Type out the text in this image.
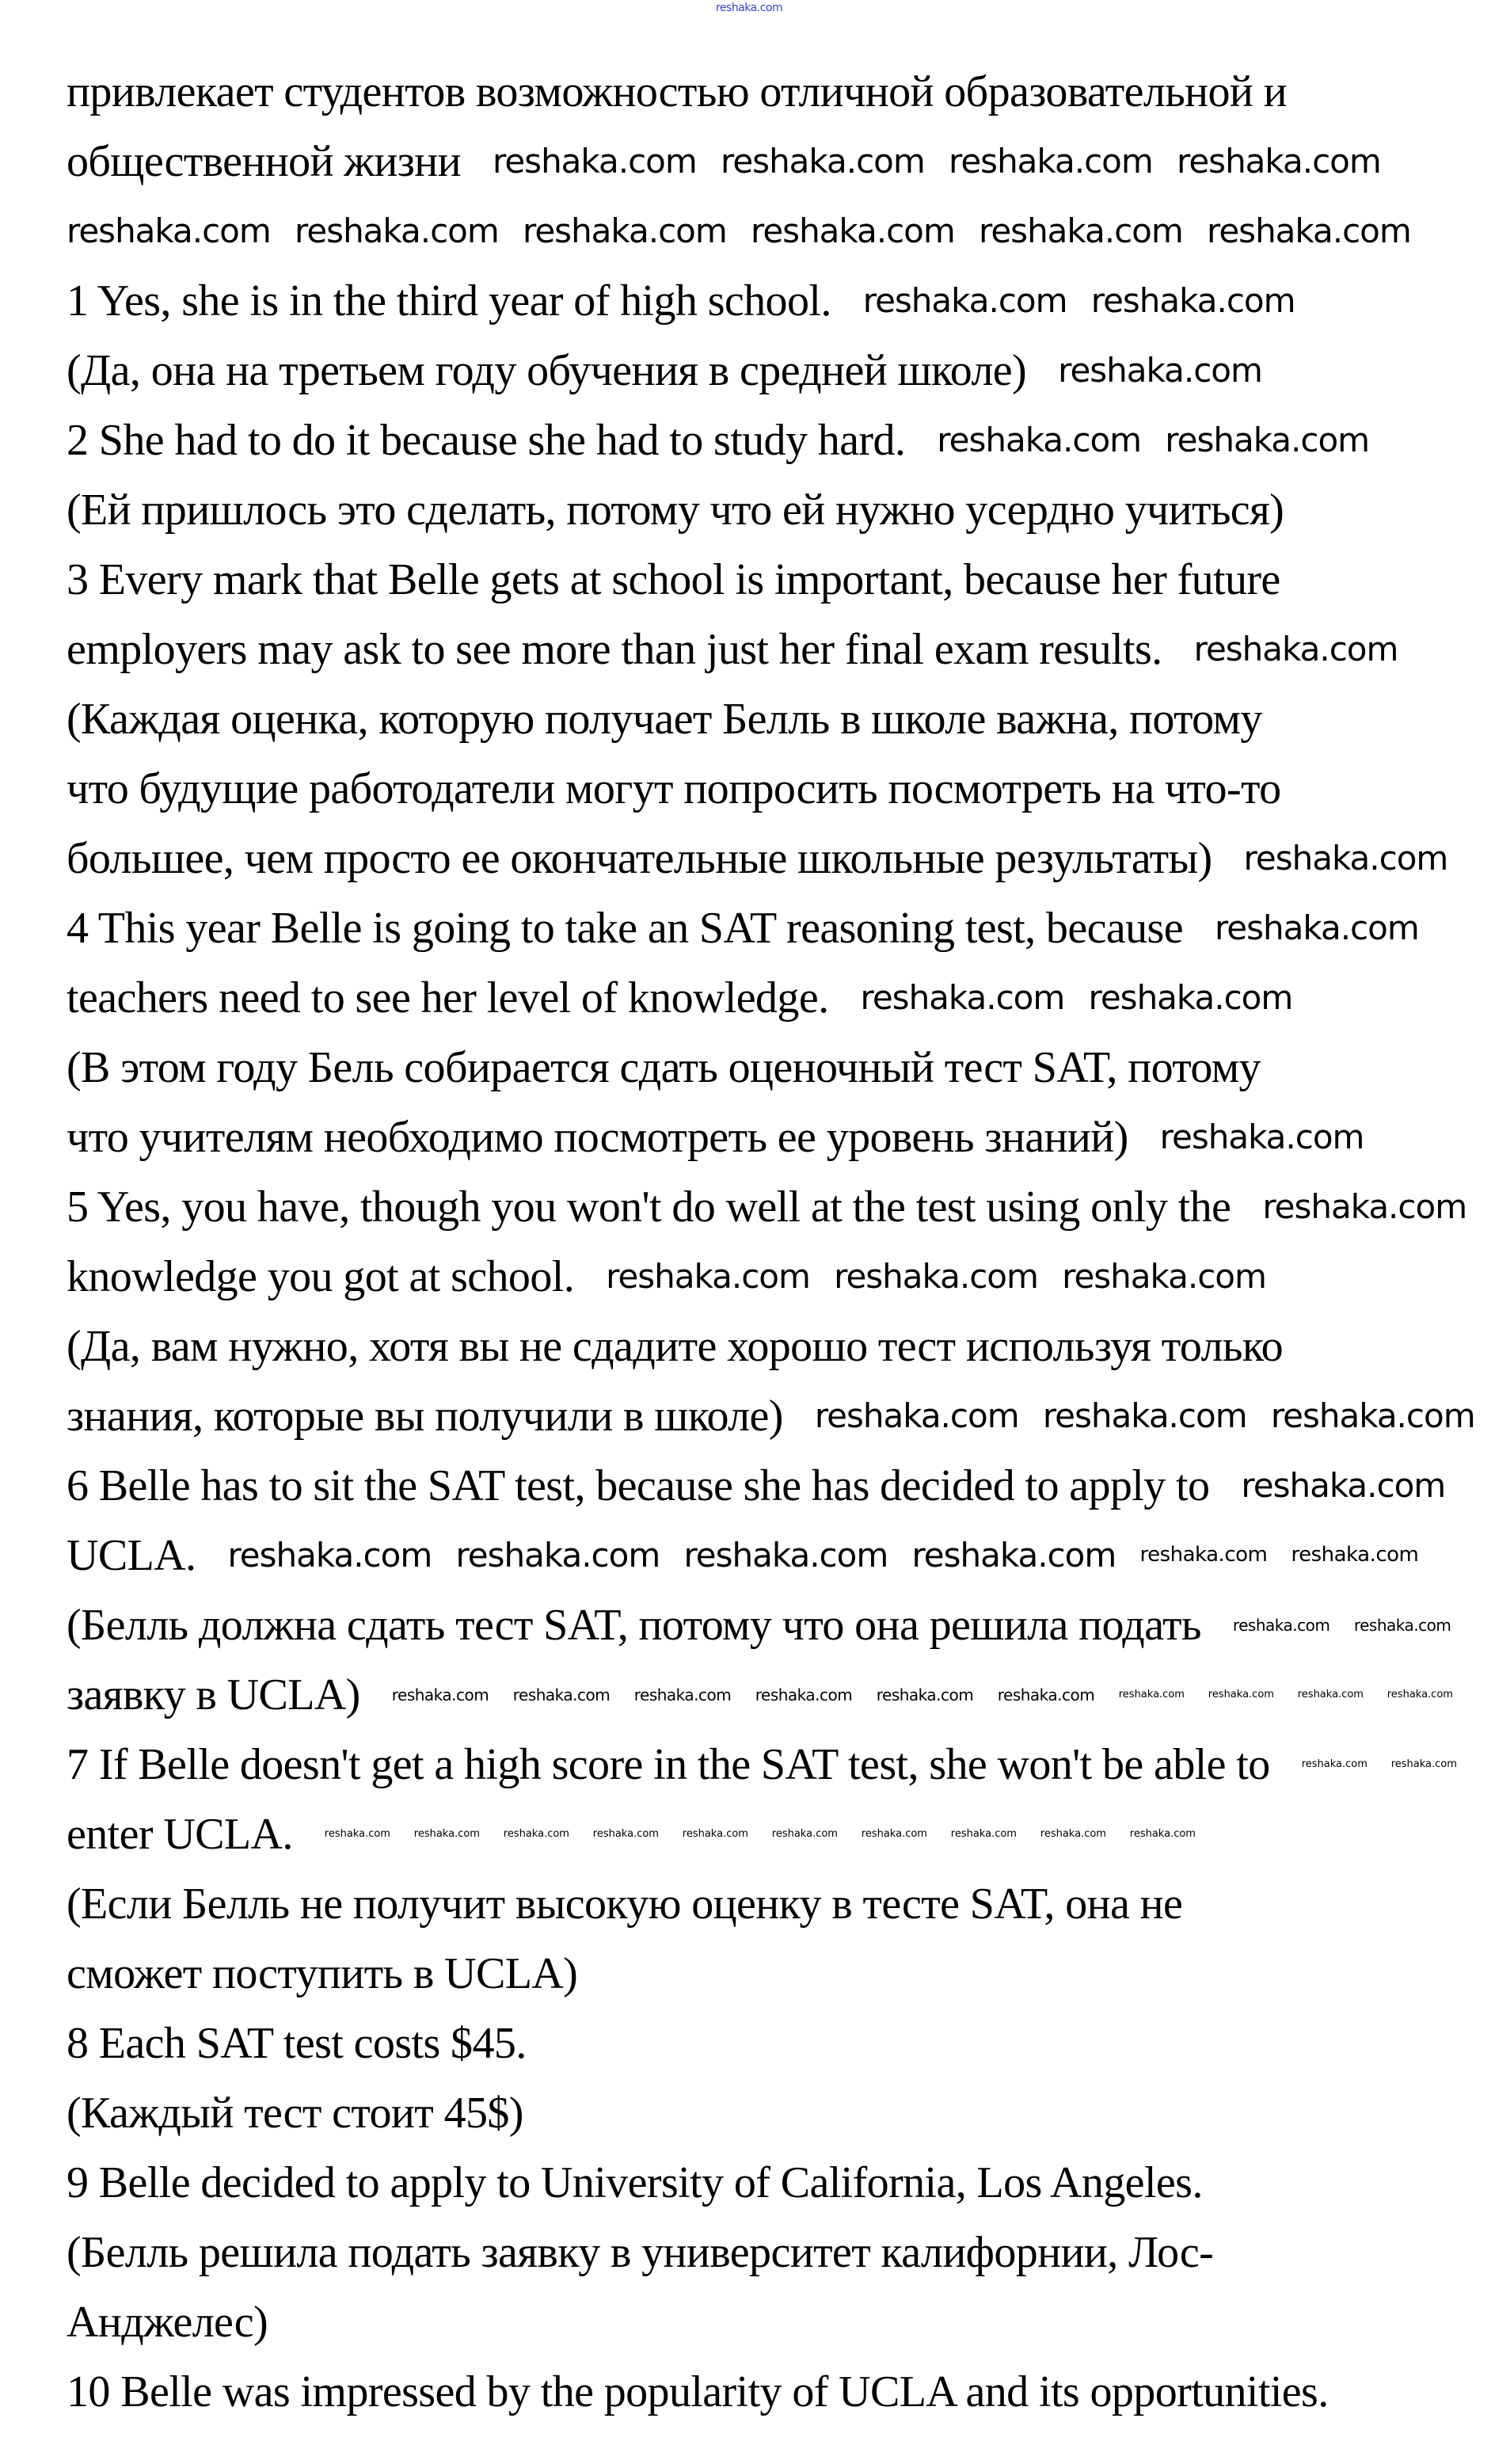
reshaka.com
привлекает студентов возможностью отличной образовательной и
общественной жизни
1 Yes, she is in the third year of high school.
(Да, она на третьем году обучения в средней школе)
2 She had to do it because she had to study hard.
(Ей пришлось это сделать, потому что ей нужно усердно учиться)
3 Every mark that Belle gets at school is important, because her future
employers may ask to see more than just her final exam results.
(Каждая оценка, которую получает Белль в школе важна, потому
что будущие работодатели могут попросить посмотреть на что-то
большее, чем просто ее окончательные школьные результаты)
4 This year Belle is going to take an SAT reasoning test, because
teachers need to see her level of knowledge.
(В этом году Бель собирается сдать оценочный тест SAT, потому
что учителям необходимо посмотреть ее уровень знаний)
5 Yes, you have, though you won't do well at the test using only the
knowledge you got at school.
(Да, вам нужно, хотя вы не сдадите хорошо тест используя только
знания, которые вы получили в школе)
6 Belle has to sit the SAT test, because she has decided to apply to
UCLA.
(Белль должна сдать тест SAT, потому что она решила подать
заявку в UCLA)
7 If Belle doesn't get a high score in the SAT test, she won't be able to
enter UCLA.
(Если Белль не получит высокую оценку в тесте SAT, она не
сможет поступить в UCLA)
8 Each SAT test costs $45.
(Каждый тест стоит 45$)
9 Belle decided to apply to University of California, Los Angeles.
(Белль решила подать заявку в университет калифорнии, Лос-
Анджелес)
10 Belle was impressed by the popularity of UCLA and its opportunities.
reshaka.com reshaka.com reshaka.com reshaka.com
reshaka.com reshaka.com reshaka.com reshaka.com reshaka.com reshaka.com
reshaka.com reshaka.com
reshaka.com
reshaka.com reshaka.com
reshaka.com
reshaka.com
reshaka.com
reshaka.com reshaka.com
reshaka.com
reshaka.com
reshaka.com reshaka.com reshaka.com
reshaka.com reshaka.com reshaka.com
reshaka.com
reshaka.com reshaka.com reshaka.com reshaka.com reshaka.com reshaka.com
reshaka.com reshaka.com
reshaka.com reshaka.com reshaka.com reshaka.com reshaka.com reshaka.com reshaka.com reshaka.com reshaka.com reshaka.com
reshaka.com reshaka.com
reshaka.com reshaka.com reshaka.com reshaka.com reshaka.com reshaka.com reshaka.com reshaka.com reshaka.com reshaka.com
